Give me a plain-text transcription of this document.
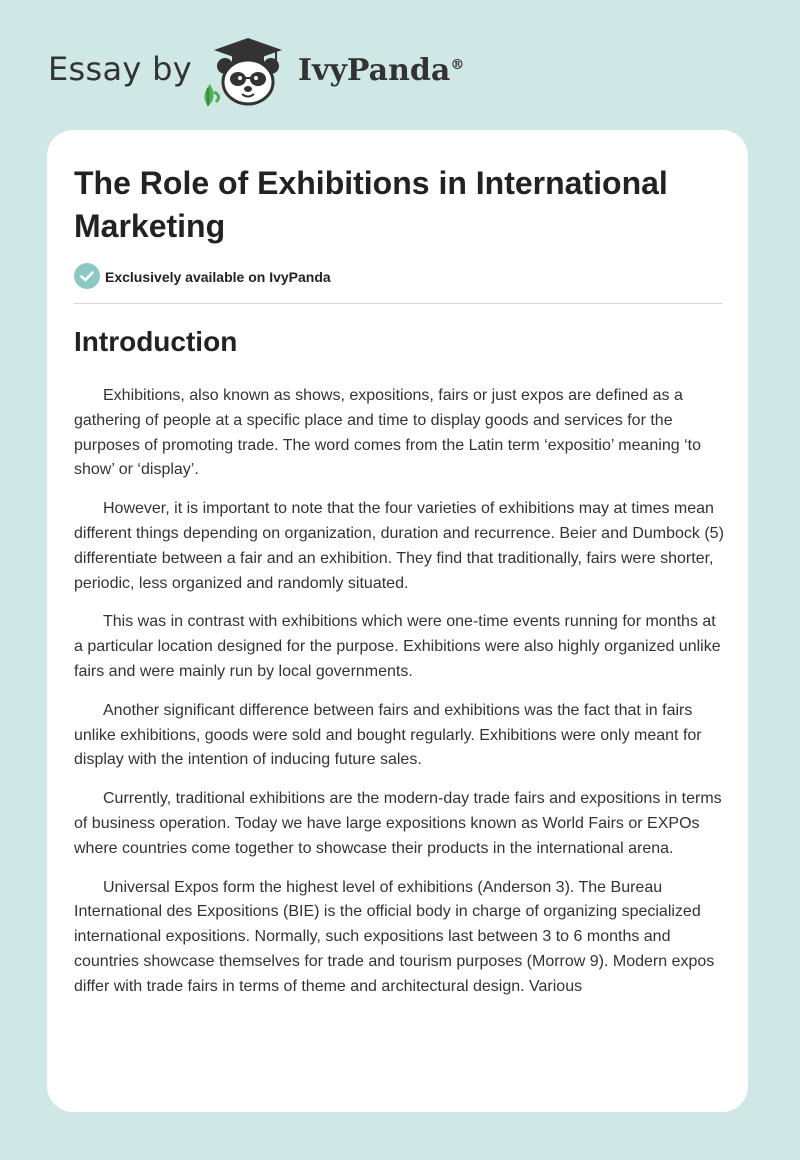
Essay by	IvyPanda®
The Role of Exhibitions in International Marketing
Exclusively available on IvyPanda
Introduction

Exhibitions, also known as shows, expositions, fairs or just expos are defined as a gathering of people at a specific place and time to display goods and services for the purposes of promoting trade. The word comes from the Latin term ‘expositio’ meaning ‘to show’ or ‘display’.

However, it is important to note that the four varieties of exhibitions may at times mean different things depending on organization, duration and recurrence. Beier and Dumbock (5) differentiate between a fair and an exhibition. They find that traditionally, fairs were shorter, periodic, less organized and randomly situated.

This was in contrast with exhibitions which were one-time events running for months at a particular location designed for the purpose. Exhibitions were also highly organized unlike fairs and were mainly run by local governments.

Another significant difference between fairs and exhibitions was the fact that in fairs unlike exhibitions, goods were sold and bought regularly. Exhibitions were only meant for display with the intention of inducing future sales.

Currently, traditional exhibitions are the modern-day trade fairs and expositions in terms of business operation. Today we have large expositions known as World Fairs or EXPOs where countries come together to showcase their products in the international arena.

Universal Expos form the highest level of exhibitions (Anderson 3). The Bureau International des Expositions (BIE) is the official body in charge of organizing specialized international expositions. Normally, such expositions last between 3 to 6 months and countries showcase themselves for trade and tourism purposes (Morrow 9). Modern expos differ with trade fairs in terms of theme and architectural design. Various
